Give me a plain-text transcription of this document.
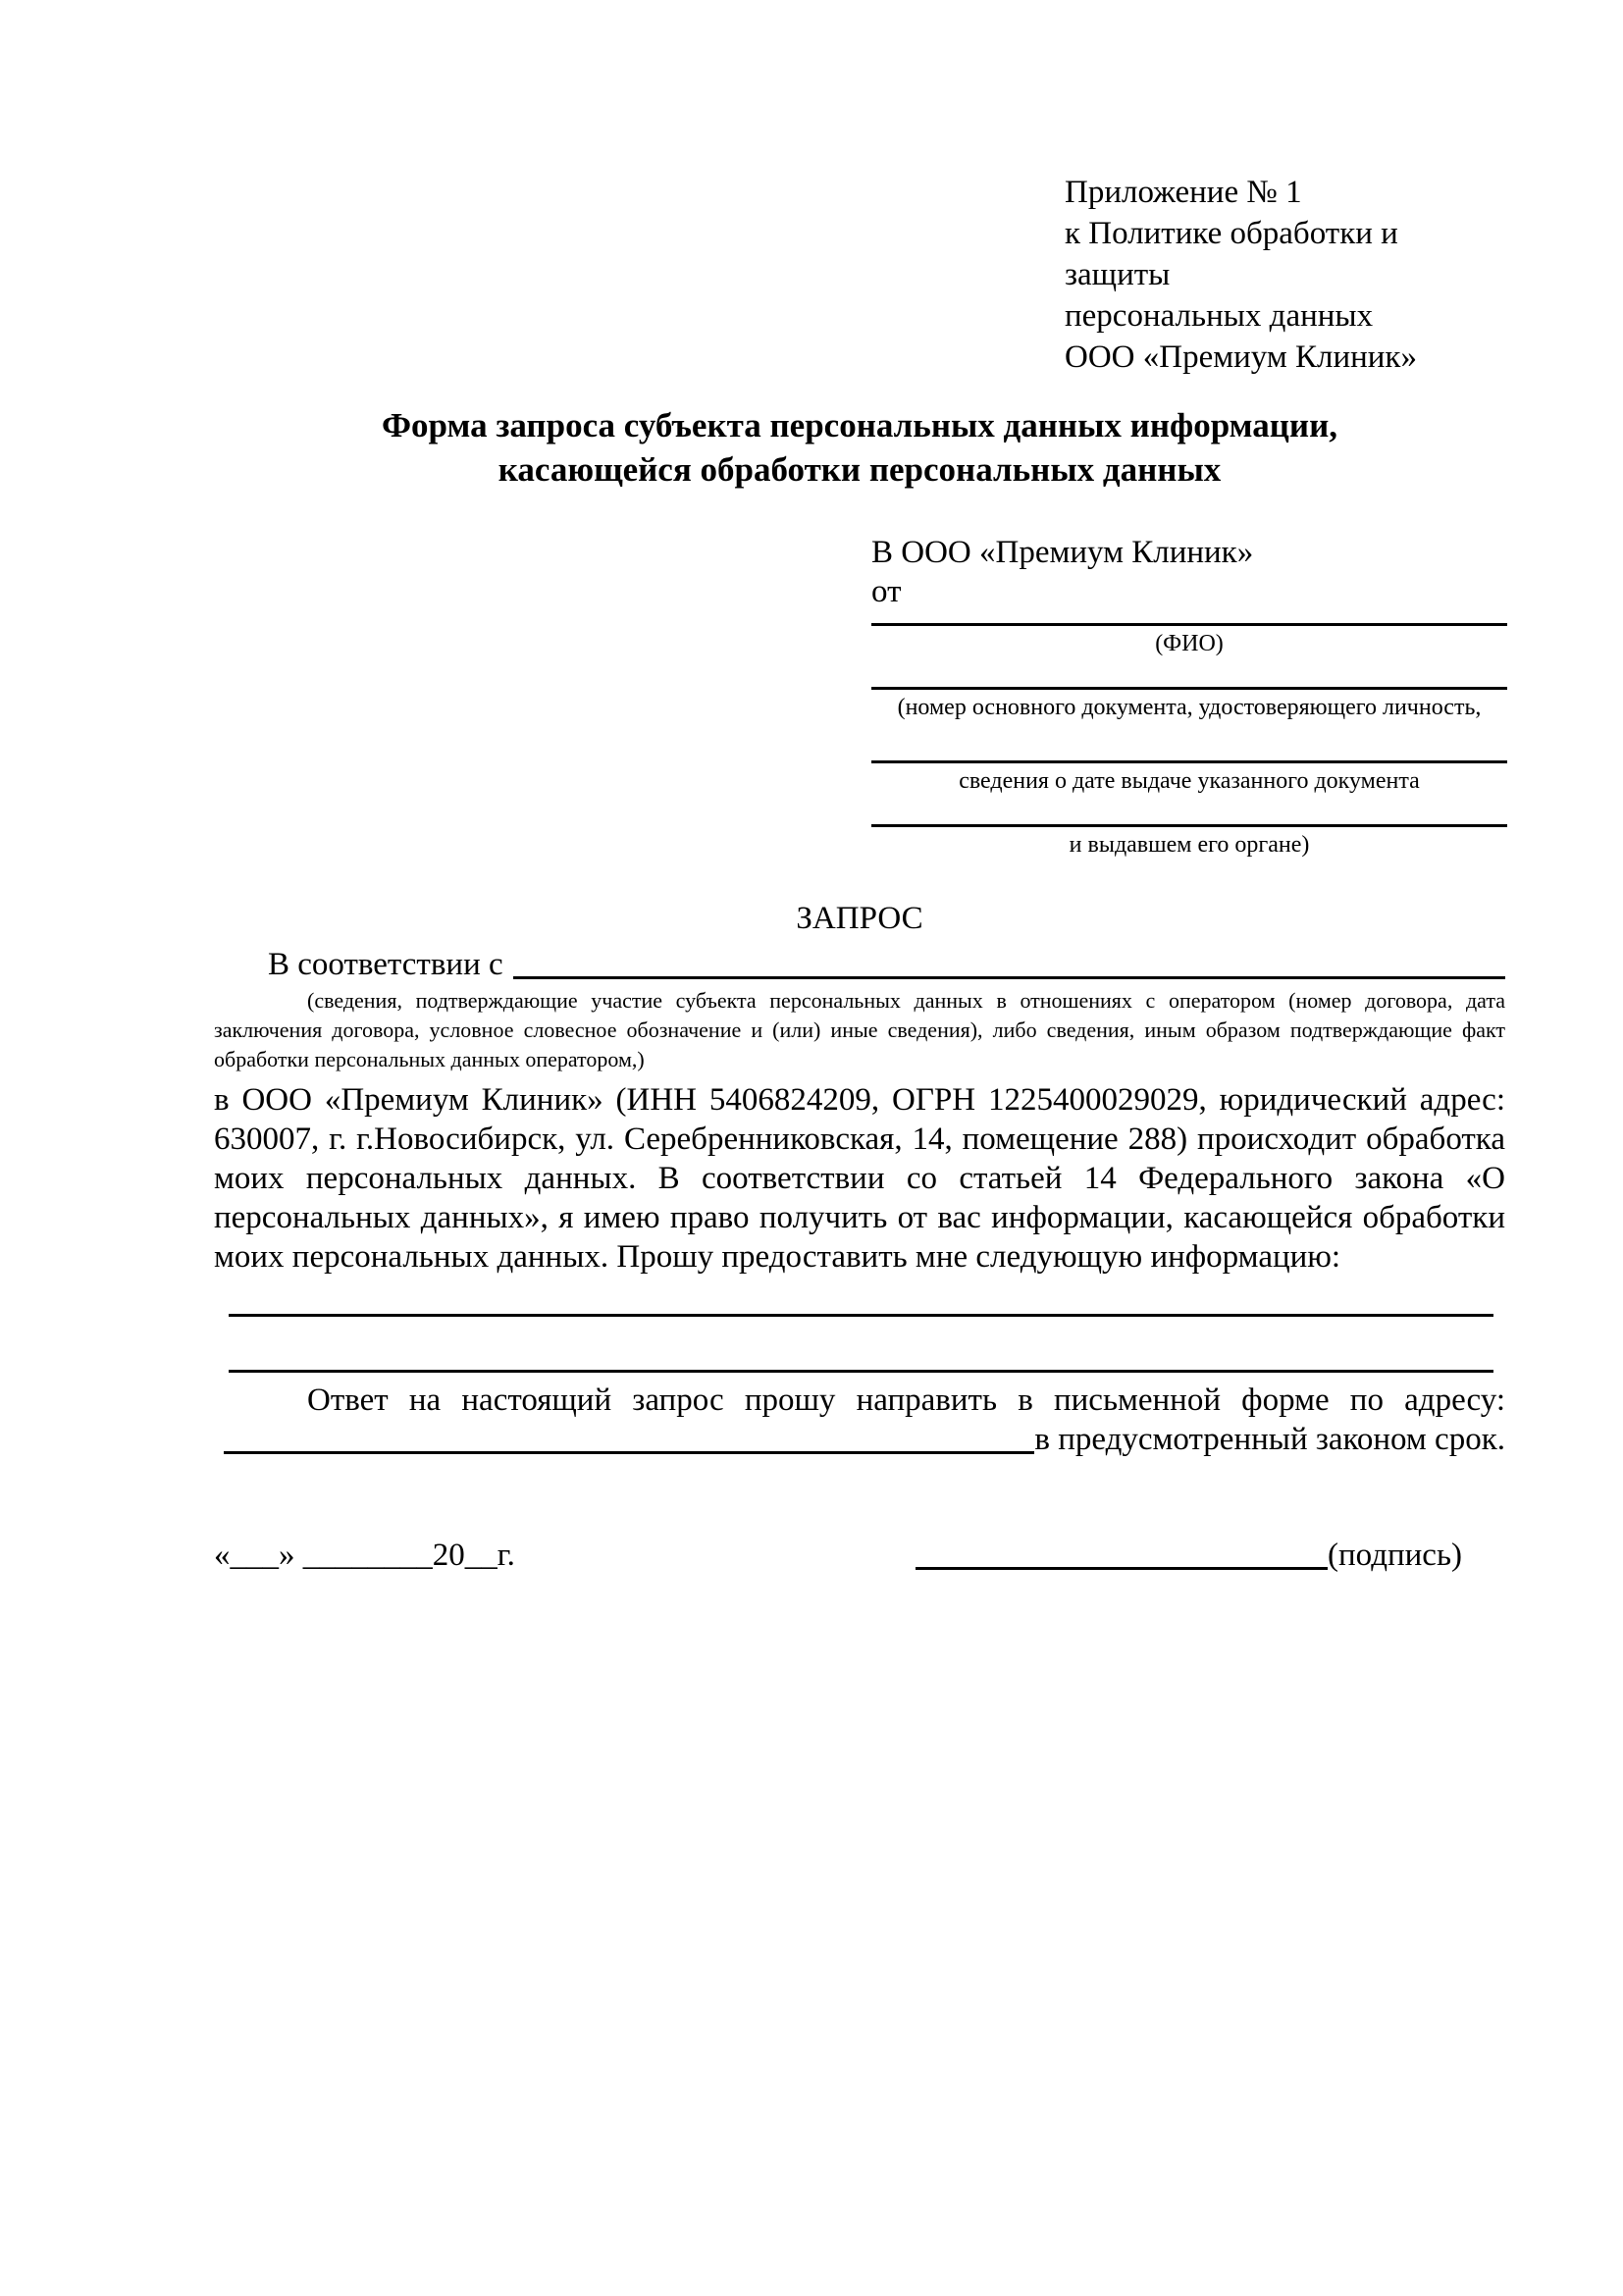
Приложение № 1
к Политике обработки и защиты
персональных данных
ООО «Премиум Клиник»
Форма запроса субъекта персональных данных информации,
касающейся обработки персональных данных
В ООО «Премиум Клиник»
от
(ФИО)
(номер основного документа, удостоверяющего личность,
сведения о дате выдаче указанного документа
и выдавшем его органе)
ЗАПРОС
В соответствии с

(сведения, подтверждающие участие субъекта персональных данных в отношениях с оператором (номер договора, дата заключения договора, условное словесное обозначение и (или) иные сведения), либо сведения, иным образом подтверждающие факт обработки персональных данных оператором,)

в ООО «Премиум Клиник» (ИНН 5406824209, ОГРН 1225400029029, юридический адрес: 630007, г. г.Новосибирск, ул. Серебренниковская, 14, помещение 288) происходит обработка моих персональных данных. В соответствии со статьей 14 Федерального закона «О персональных данных», я имею право получить от вас информации, касающейся обработки моих персональных данных. Прошу предоставить мне следующую информацию:

Ответ на настоящий запрос прошу направить в письменной форме по адресу:

в предусмотренный законом срок.
«___» ________20__г.	(подпись)
